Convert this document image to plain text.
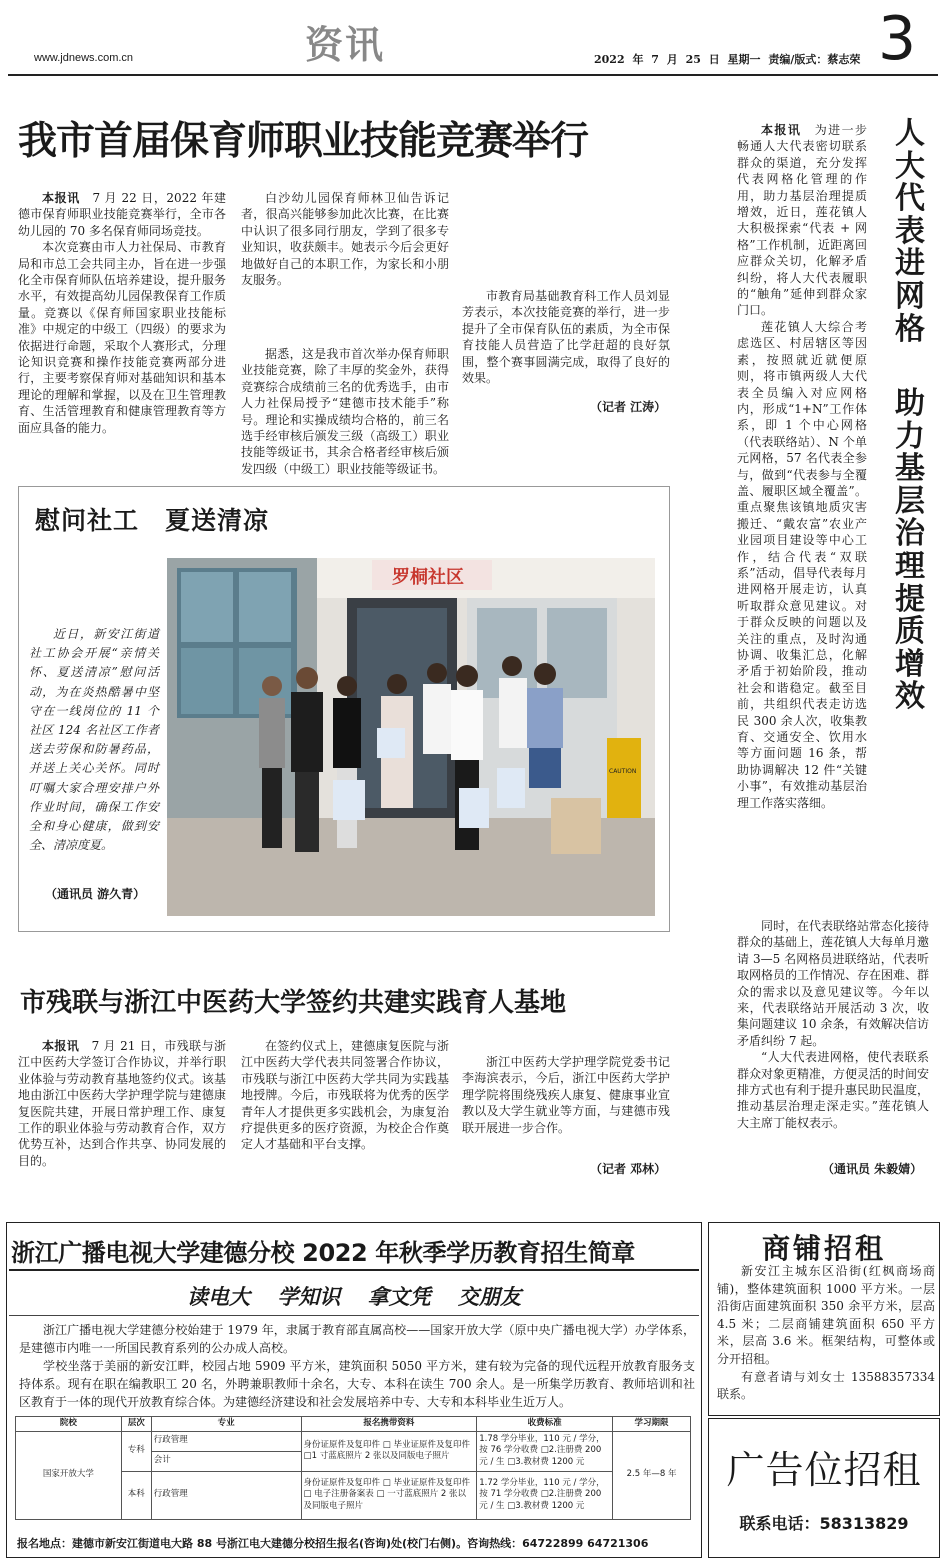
www.jdnews.com.cn	资讯	2022 年 7 月 25 日 星期一 责编/版式：蔡志荣 3
我市首届保育师职业技能竞赛举行

本报讯　 7 月 22 日，2022 年建德市保育师职业技能竞赛举行，全市各幼儿园的 70 多名保育师同场竞技。

本次竞赛由市人力社保局、市教育局和市总工会共同主办，旨在进一步强化全市保育师队伍培养建设，提升服务水平，有效提高幼儿园保教保育工作质量。竞赛以《保育师国家职业技能标准》中规定的中级工（四级）的要求为依据进行命题，采取个人赛形式，分理论知识竞赛和操作技能竞赛两部分进行，主要考察保育师对基础知识和基本理论的理解和掌握，以及在卫生管理教育、生活管理教育和健康管理教育等方面应具备的能力。

白沙幼儿园保育师林卫仙告诉记者，很高兴能够参加此次比赛，在比赛中认识了很多同行朋友，学到了很多专业知识，收获颇丰。她表示今后会更好地做好自己的本职工作，为家长和小朋友服务。

据悉，这是我市首次举办保育师职业技能竞赛，除了丰厚的奖金外，获得竞赛综合成绩前三名的优秀选手，由市人力社保局授予“建德市技术能手”称号。理论和实操成绩均合格的，前三名选手经审核后颁发三级（高级工）职业技能等级证书，其余合格者经审核后颁发四级（中级工）职业技能等级证书。

市教育局基础教育科工作人员刘显芳表示，本次技能竞赛的举行，进一步提升了全市保育队伍的素质，为全市保育技能人员营造了比学赶超的良好氛围，整个赛事圆满完成，取得了良好的效果。

（记者 江涛）
慰问社工　夏送清凉

近日，新安江街道社工协会开展“亲情关怀、夏送清凉”慰问活动，为在炎热酷暑中坚守在一线岗位的 11 个社区 124 名社区工作者送去劳保和防暑药品，并送上关心关怀。同时叮嘱大家合理安排户外作业时间，确保工作安全和身心健康，做到安全、清凉度夏。

（通讯员 游久青）
罗桐社区
CAUTION
市残联与浙江中医药大学签约共建实践育人基地

本报讯　 7 月 21 日，市残联与浙江中医药大学签订合作协议，并举行职业体验与劳动教育基地签约仪式。该基地由浙江中医药大学护理学院与建德康复医院共建，开展日常护理工作、康复工作的职业体验与劳动教育合作，双方优势互补，达到合作共享、协同发展的目的。

在签约仪式上，建德康复医院与浙江中医药大学代表共同签署合作协议，市残联与浙江中医药大学共同为实践基地授牌。今后，市残联将为优秀的医学青年人才提供更多实践机会，为康复治疗提供更多的医疗资源，为校企合作奠定人才基础和平台支撑。

浙江中医药大学护理学院党委书记李海滨表示，今后，浙江中医药大学护理学院将围绕残疾人康复、健康事业宣教以及大学生就业等方面，与建德市残联开展进一步合作。

（记者 邓林）
人大代表进网格
助力基层治理提质增效

本报讯　 为进一步畅通人大代表密切联系群众的渠道，充分发挥代表网格化管理的作用，助力基层治理提质增效，近日，莲花镇人大积极探索“代表 + 网格”工作机制，近距离回应群众关切，化解矛盾纠纷，将人大代表履职的“触角”延伸到群众家门口。

莲花镇人大综合考虑选区、村居辖区等因素，按照就近就便原则，将市镇两级人大代表全员编入对应网格内，形成“1+N”工作体系，即 1 个中心网格（代表联络站）、N 个单元网格，57 名代表全参与，做到“代表参与全覆盖、履职区域全覆盖”。重点聚焦该镇地质灾害搬迁、“戴农富”农业产业园项目建设等中心工作，结合代表“双联系”活动，倡导代表每月进网格开展走访，认真听取群众意见建议。对于群众反映的问题以及关注的重点，及时沟通协调、收集汇总，化解矛盾于初始阶段，推动社会和谐稳定。截至目前，共组织代表走访选民 300 余人次，收集教育、交通安全、饮用水等方面问题 16 条，帮助协调解决 12 件“关键小事”，有效推动基层治理工作落实落细。

同时，在代表联络站常态化接待群众的基础上，莲花镇人大每单月邀请 3—5 名网格员进联络站，代表听取网格员的工作情况、存在困难、群众的需求以及意见建议等。今年以来，代表联络站开展活动 3 次，收集问题建议 10 余条，有效解决信访矛盾纠纷 7 起。

“人大代表进网格，使代表联系群众对象更精准，方便灵活的时间安排方式也有利于提升惠民助民温度，推动基层治理走深走实。”莲花镇人大主席丁能权表示。

（通讯员 朱毅婧）
浙江广播电视大学建德分校 2022 年秋季学历教育招生简章
读电大 学知识 拿文凭 交朋友

浙江广播电视大学建德分校始建于 1979 年，隶属于教育部直属高校——国家开放大学（原中央广播电视大学）办学体系，是建德市内唯一一所国民教育系列的公办成人高校。

学校坐落于美丽的新安江畔，校园占地 5909 平方米，建筑面积 5050 平方米，建有较为完备的现代远程开放教育服务支持体系。现有在职在编教职工 20 名，外聘兼职教师十余名，大专、本科在读生 700 余人。是一所集学历教育、教师培训和社区教育于一体的现代开放教育综合体。为建德经济建设和社会发展培养中专、大专和本科毕业生近万人。

院校	层次	专业	报名携带资料	收费标准	学习期限
国家开放大学	专科	行政管理	身份证原件及复印件 □ 毕业证原件及复印件 □1 寸蓝底照片 2 张以及同版电子照片	1.78 学分毕业，110 元 / 学分，按 76 学分收费 □2.注册费 200 元 / 生 □3.教材费 1200 元	2.5 年—8 年
		会计			
	本科	行政管理	身份证原件及复印件 □ 毕业证原件及复印件 □ 电子注册备案表 □ 一寸蓝底照片 2 张以及同版电子照片	1.72 学分毕业，110 元 / 学分，按 71 学分收费 □2.注册费 200 元 / 生 □3.教材费 1200 元	
报名地点：建德市新安江街道电大路 88 号浙江电大建德分校招生报名(咨询)处(校门右侧)。咨询热线：64722899 64721306
商铺招租

新安江主城东区沿街(红枫商场商铺)，整体建筑面积 1000 平方米。一层沿街店面建筑面积 350 余平方米，层高 4.5 米；二层商铺建筑面积 650 平方米，层高 3.6 米。框架结构，可整体或分开招租。

有意者请与刘女士 13588357334 联系。

广告位招租
联系电话：58313829
